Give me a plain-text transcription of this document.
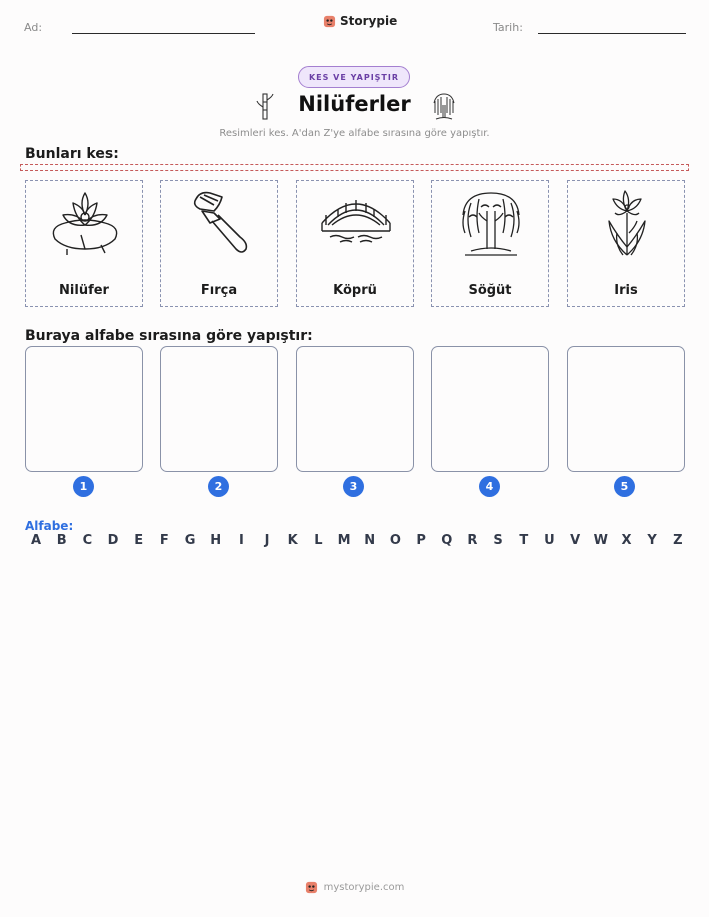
Ad:	Storypie	Tarih:
KES VE YAPIŞTIR
Nilüferler
Resimleri kes. A'dan Z'ye alfabe sırasına göre yapıştır.
Bunları kes:
Nilüfer	Fırça	Köprü	Söğüt	Iris
Buraya alfabe sırasına göre yapıştır:
1	2	3	4	5
Alfabe:
A	B	C	D	E	F	G H	I	J	K	L	M N O	P	Q	R	S	T	U	V	W	X	Y	Z
mystorypie.com
